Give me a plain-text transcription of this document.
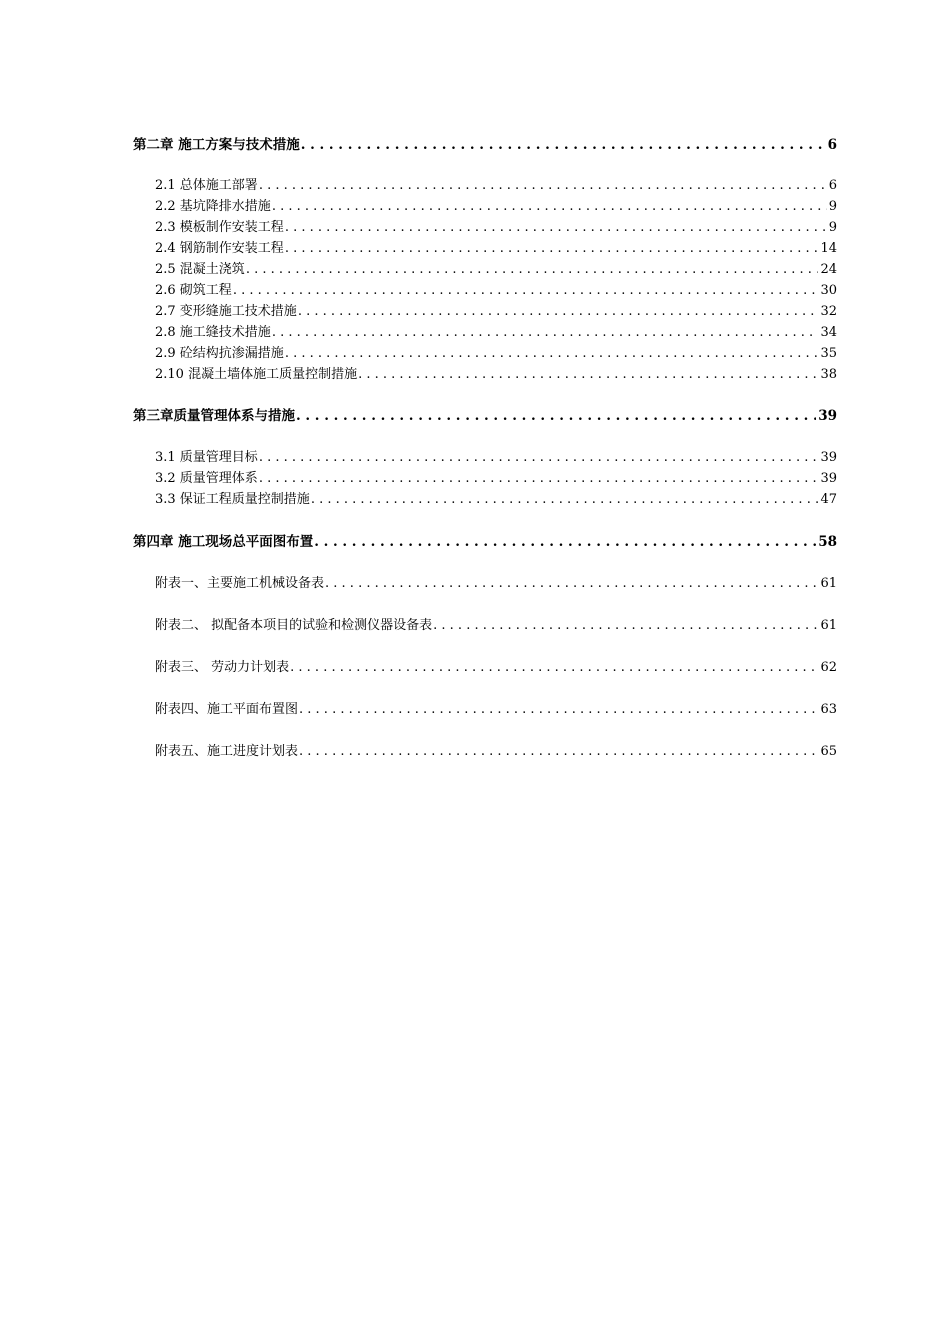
第二章 施工方案与技术措施 . . .	6
2.1 总体施工部署 . . .	6
2.2 基坑降排水措施 . . .	9
2.3 模板制作安装工程 . . .	9
2.4 钢筋制作安装工程 . . .	14
2.5 混凝土浇筑 . . .	24
2.6 砌筑工程 . . .	30
2.7 变形缝施工技术措施 . . .	32
2.8 施工缝技术措施 . . .	34
2.9 砼结构抗渗漏措施 . . .	35
2.10 混凝土墙体施工质量控制措施 . . .	38
第三章质量管理体系与措施 . . .	39
3.1 质量管理目标 . . .	39
3.2 质量管理体系 . . .	39
3.3 保证工程质量控制措施 . . .	47
第四章 施工现场总平面图布置 . . .	58
附表一、主要施工机械设备表 . . .	61
附表二、 拟配备本项目的试验和检测仪器设备表 . . .	61
附表三、 劳动力计划表 . . .	62
附表四、施工平面布置图 . . .	63
附表五、施工进度计划表 . . .	65
